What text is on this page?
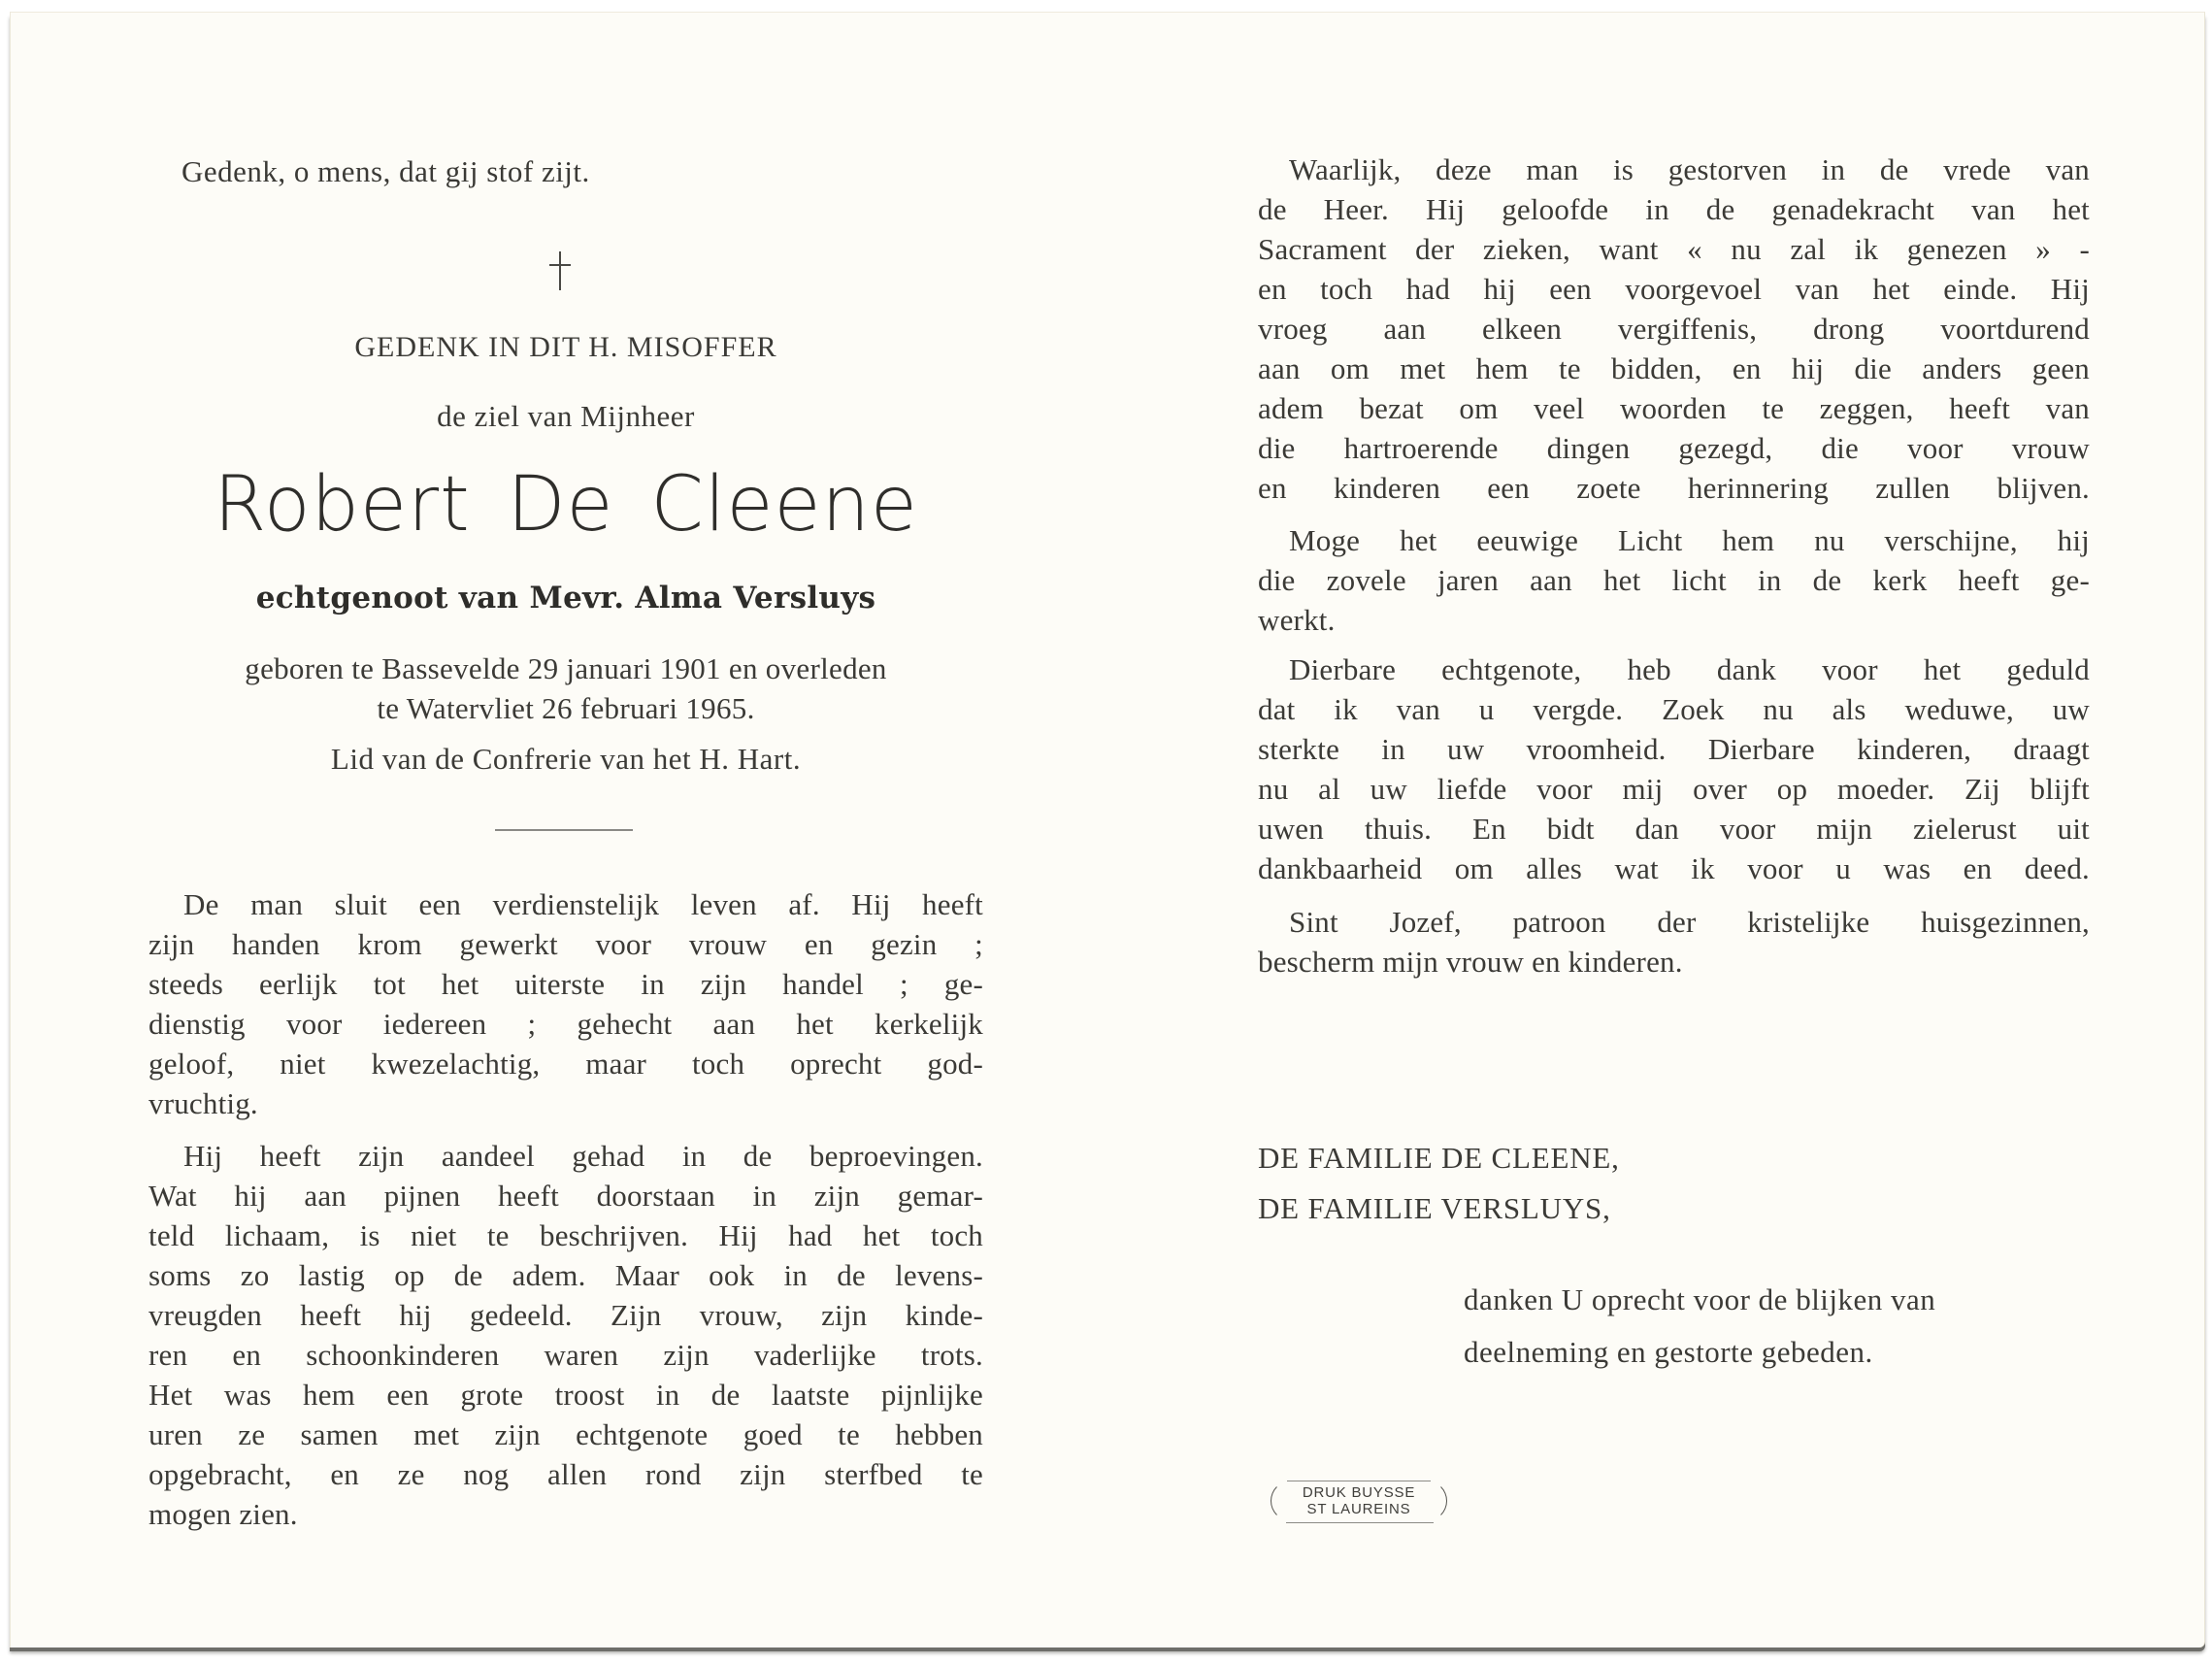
Gedenk, o mens, dat gij stof zijt.
GEDENK IN DIT H. MISOFFER
de ziel van Mijnheer
Robert De Cleene
echtgenoot van Mevr. Alma Versluys
geboren te Bassevelde 29 januari 1901 en overleden
te Watervliet 26 februari 1965.
Lid van de Confrerie van het H. Hart.
De man sluit een verdienstelijk leven af. Hij heeft
zijn handen krom gewerkt voor vrouw en gezin ;
steeds eerlijk tot het uiterste in zijn handel ; ge-
dienstig voor iedereen ; gehecht aan het kerkelijk
geloof, niet kwezelachtig, maar toch oprecht god-
vruchtig.
Hij heeft zijn aandeel gehad in de beproevingen.
Wat hij aan pijnen heeft doorstaan in zijn gemar-
teld lichaam, is niet te beschrijven. Hij had het toch
soms zo lastig op de adem. Maar ook in de levens-
vreugden heeft hij gedeeld. Zijn vrouw, zijn kinde-
ren en schoonkinderen waren zijn vaderlijke trots.
Het was hem een grote troost in de laatste pijnlijke
uren ze samen met zijn echtgenote goed te hebben
opgebracht, en ze nog allen rond zijn sterfbed te
mogen zien.
Waarlijk, deze man is gestorven in de vrede van
de Heer. Hij geloofde in de genadekracht van het
Sacrament der zieken, want « nu zal ik genezen » -
en toch had hij een voorgevoel van het einde. Hij
vroeg aan elkeen vergiffenis, drong voortdurend
aan om met hem te bidden, en hij die anders geen
adem bezat om veel woorden te zeggen, heeft van
die hartroerende dingen gezegd, die voor vrouw
en kinderen een zoete herinnering zullen blijven.
Moge het eeuwige Licht hem nu verschijne, hij
die zovele jaren aan het licht in de kerk heeft ge-
werkt.
Dierbare echtgenote, heb dank voor het geduld
dat ik van u vergde. Zoek nu als weduwe, uw
sterkte in uw vroomheid. Dierbare kinderen, draagt
nu al uw liefde voor mij over op moeder. Zij blijft
uwen thuis. En bidt dan voor mijn zielerust uit
dankbaarheid om alles wat ik voor u was en deed.
Sint Jozef, patroon der kristelijke huisgezinnen,
bescherm mijn vrouw en kinderen.
DE FAMILIE DE CLEENE,
DE FAMILIE VERSLUYS,
danken U oprecht voor de blijken van
deelneming en gestorte gebeden.
DRUK BUYSSE
ST LAUREINS
